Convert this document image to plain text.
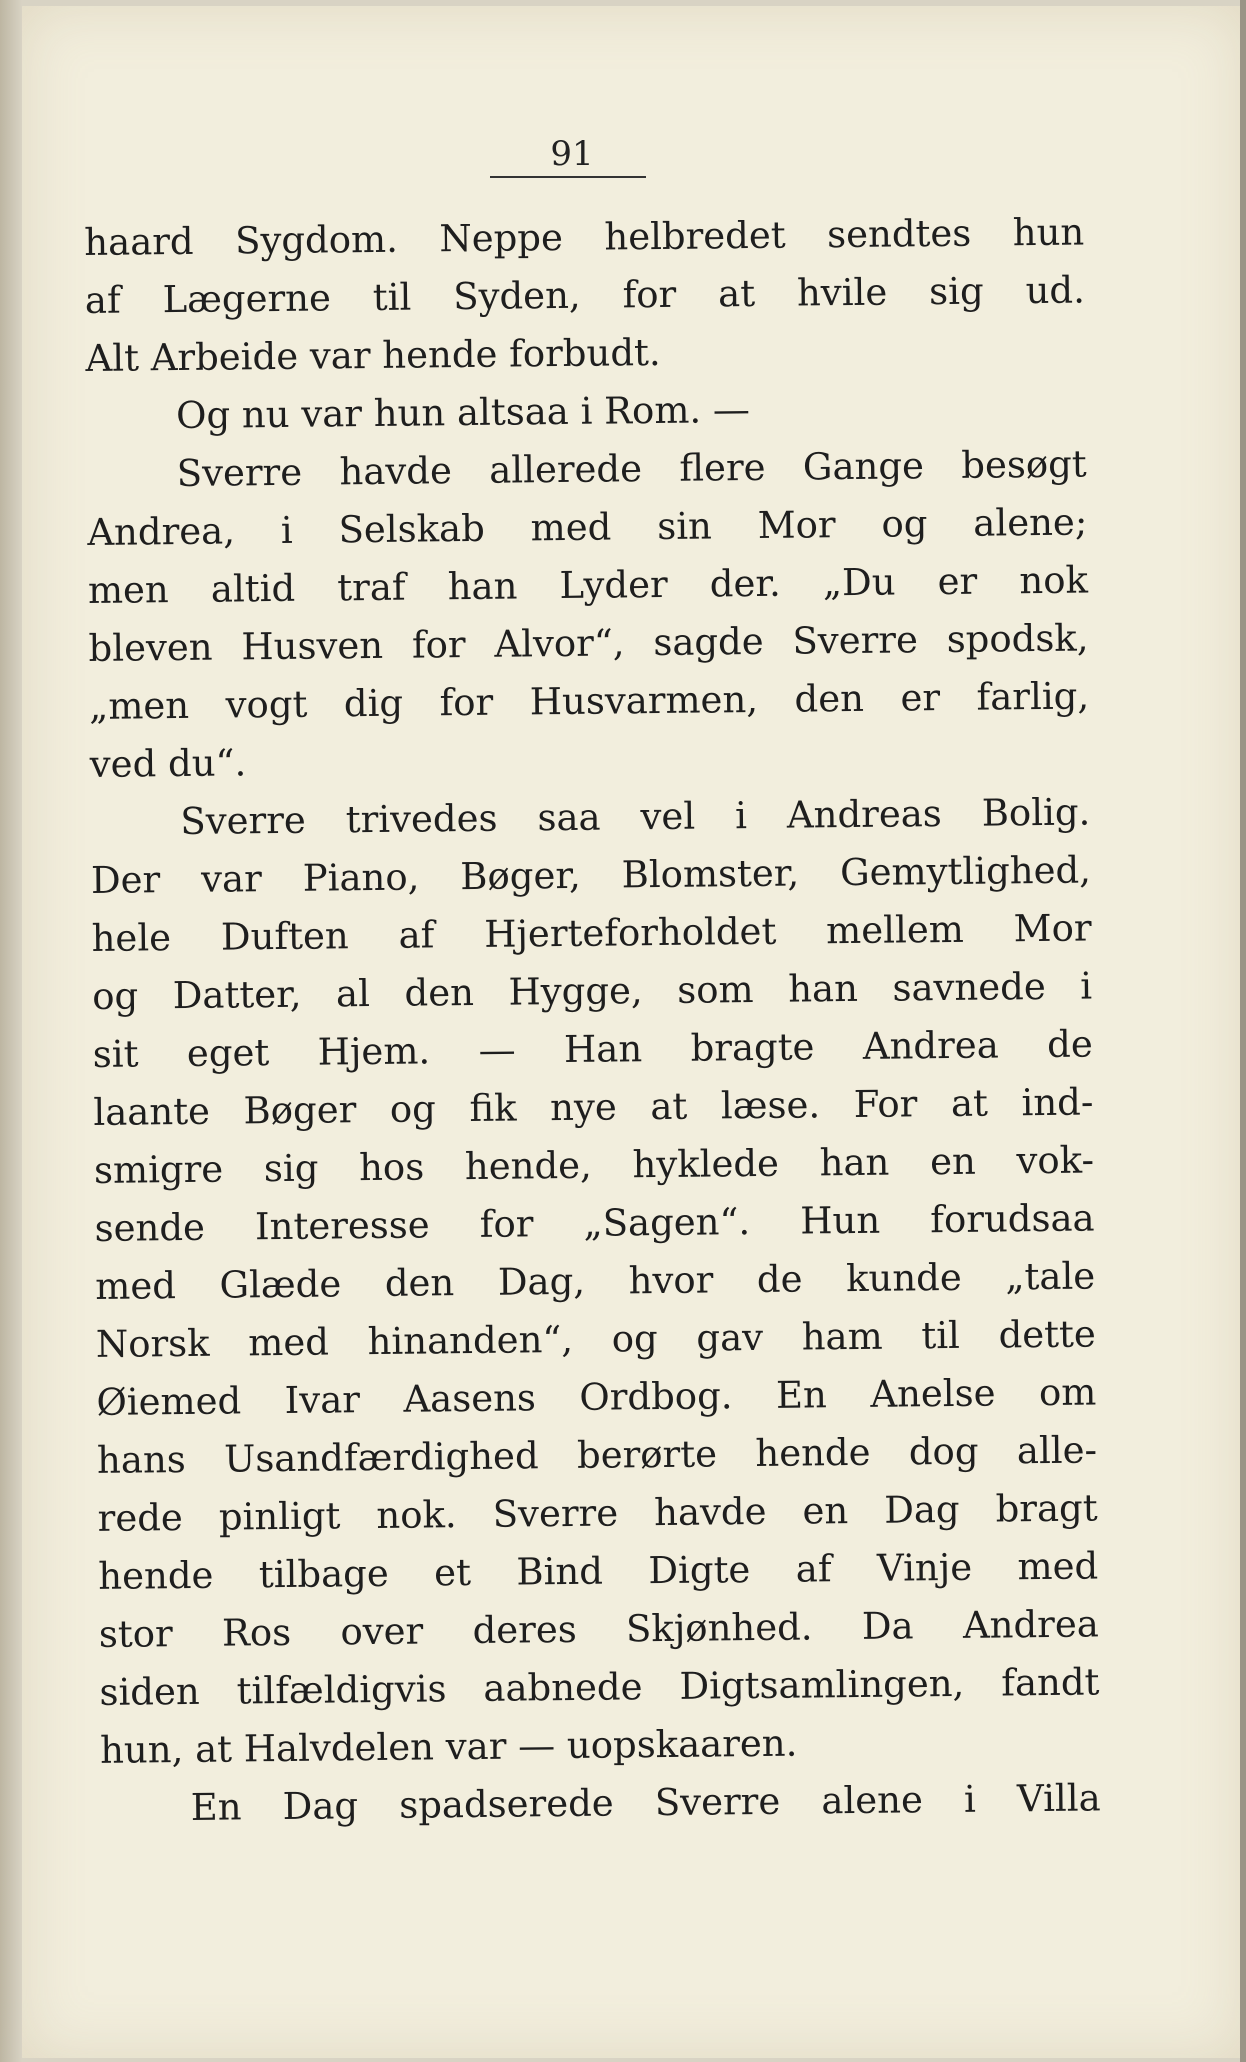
91
haard Sygdom. Neppe helbredet sendtes hun
af Lægerne til Syden, for at hvile sig ud.
Alt Arbeide var hende forbudt.
Og nu var hun altsaa i Rom. —
Sverre havde allerede flere Gange besøgt
Andrea, i Selskab med sin Mor og alene;
men altid traf han Lyder der. „Du er nok
bleven Husven for Alvor“, sagde Sverre spodsk,
„men vogt dig for Husvarmen, den er farlig,
ved du“.
Sverre trivedes saa vel i Andreas Bolig.
Der var Piano, Bøger, Blomster, Gemytlighed,
hele Duften af Hjerteforholdet mellem Mor
og Datter, al den Hygge, som han savnede i
sit eget Hjem. — Han bragte Andrea de
laante Bøger og fik nye at læse. For at ind-
smigre sig hos hende, hyklede han en vok-
sende Interesse for „Sagen“. Hun forudsaa
med Glæde den Dag, hvor de kunde „tale
Norsk med hinanden“, og gav ham til dette
Øiemed Ivar Aasens Ordbog. En Anelse om
hans Usandfærdighed berørte hende dog alle-
rede pinligt nok. Sverre havde en Dag bragt
hende tilbage et Bind Digte af Vinje med
stor Ros over deres Skjønhed. Da Andrea
siden tilfældigvis aabnede Digtsamlingen, fandt
hun, at Halvdelen var — uopskaaren.
En Dag spadserede Sverre alene i Villa
